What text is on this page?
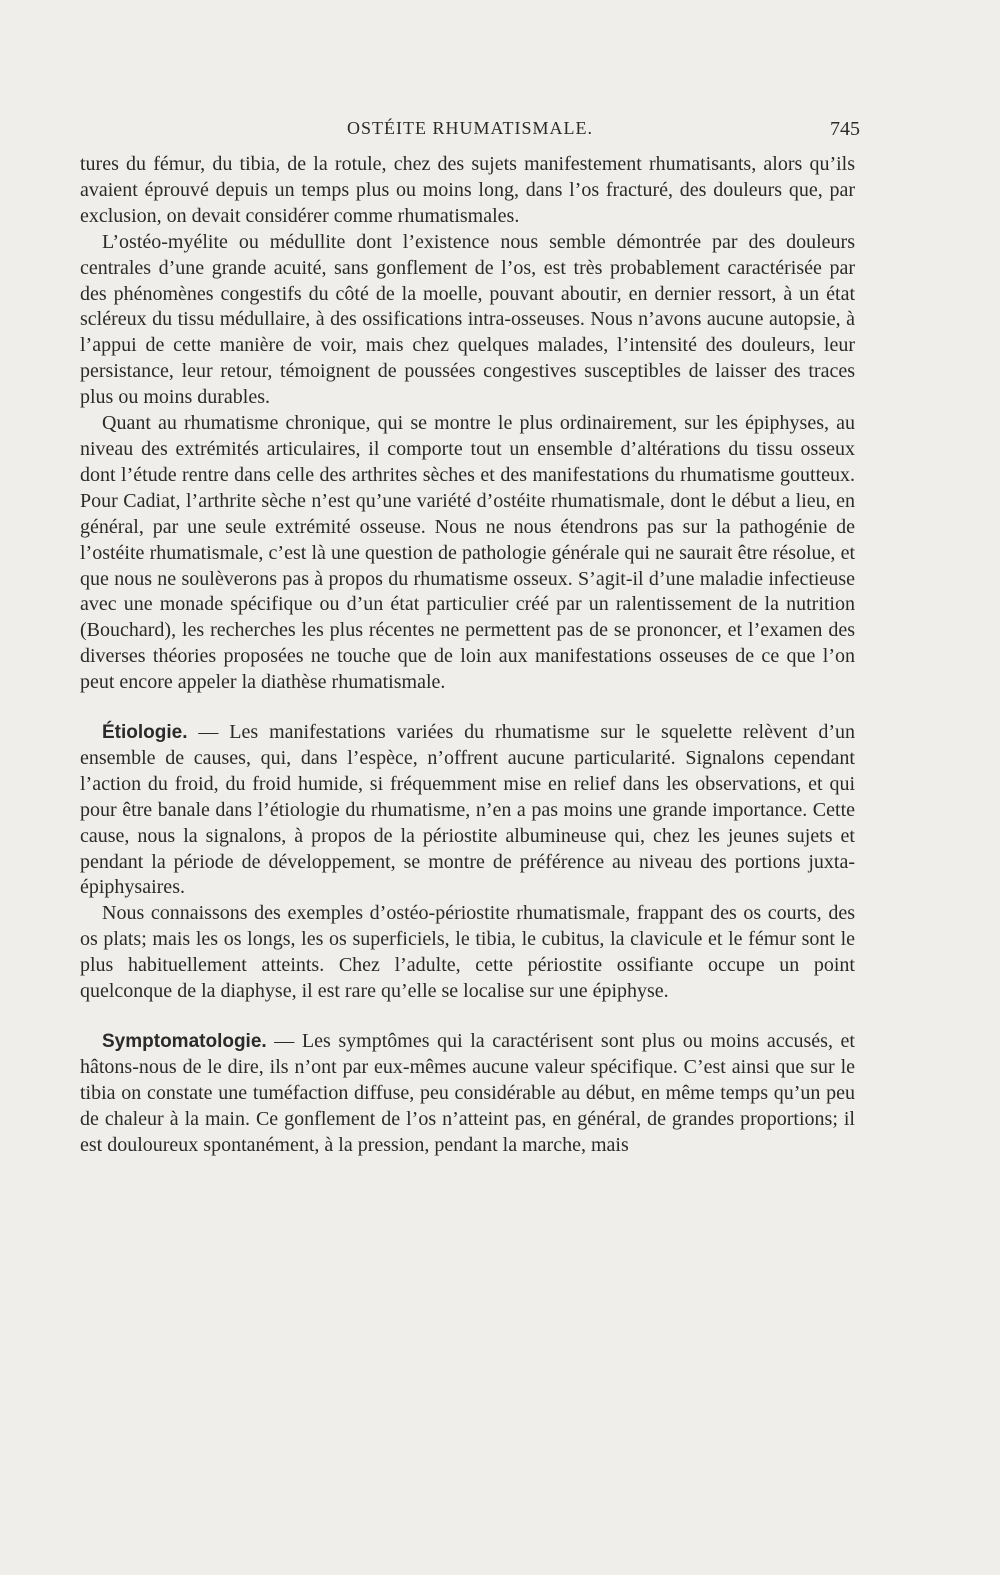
OSTÉITE RHUMATISMALE.	745

tures du fémur, du tibia, de la rotule, chez des sujets manifestement rhumatisants, alors qu’ils avaient éprouvé depuis un temps plus ou moins long, dans l’os fracturé, des douleurs que, par exclusion, on devait considérer comme rhumatismales.

L’ostéo-myélite ou médullite dont l’existence nous semble démontrée par des douleurs centrales d’une grande acuité, sans gonflement de l’os, est très probablement caractérisée par des phénomènes congestifs du côté de la moelle, pouvant aboutir, en dernier ressort, à un état scléreux du tissu médullaire, à des ossifications intra-osseuses. Nous n’avons aucune autopsie, à l’appui de cette manière de voir, mais chez quelques malades, l’intensité des douleurs, leur persistance, leur retour, témoignent de poussées congestives susceptibles de laisser des traces plus ou moins durables.

Quant au rhumatisme chronique, qui se montre le plus ordinairement, sur les épiphyses, au niveau des extrémités articulaires, il comporte tout un ensemble d’altérations du tissu osseux dont l’étude rentre dans celle des arthrites sèches et des manifestations du rhumatisme goutteux. Pour Cadiat, l’arthrite sèche n’est qu’une variété d’ostéite rhumatismale, dont le début a lieu, en général, par une seule extrémité osseuse. Nous ne nous étendrons pas sur la pathogénie de l’ostéite rhumatismale, c’est là une question de pathologie générale qui ne saurait être résolue, et que nous ne soulèverons pas à propos du rhumatisme osseux. S’agit-il d’une maladie infectieuse avec une monade spécifique ou d’un état particulier créé par un ralentissement de la nutrition (Bouchard), les recherches les plus récentes ne permettent pas de se prononcer, et l’examen des diverses théories proposées ne touche que de loin aux manifestations osseuses de ce que l’on peut encore appeler la diathèse rhumatismale.

Étiologie. — Les manifestations variées du rhumatisme sur le squelette relèvent d’un ensemble de causes, qui, dans l’espèce, n’offrent aucune particularité. Signalons cependant l’action du froid, du froid humide, si fréquemment mise en relief dans les observations, et qui pour être banale dans l’étiologie du rhumatisme, n’en a pas moins une grande importance. Cette cause, nous la signalons, à propos de la périostite albumineuse qui, chez les jeunes sujets et pendant la période de développement, se montre de préférence au niveau des portions juxta-épiphysaires.

Nous connaissons des exemples d’ostéo-périostite rhumatismale, frappant des os courts, des os plats; mais les os longs, les os superficiels, le tibia, le cubitus, la clavicule et le fémur sont le plus habituellement atteints. Chez l’adulte, cette périostite ossifiante occupe un point quelconque de la diaphyse, il est rare qu’elle se localise sur une épiphyse.

Symptomatologie. — Les symptômes qui la caractérisent sont plus ou moins accusés, et hâtons-nous de le dire, ils n’ont par eux-mêmes aucune valeur spécifique. C’est ainsi que sur le tibia on constate une tuméfaction diffuse, peu considérable au début, en même temps qu’un peu de chaleur à la main. Ce gonflement de l’os n’atteint pas, en général, de grandes proportions; il est douloureux spontanément, à la pression, pendant la marche, mais
